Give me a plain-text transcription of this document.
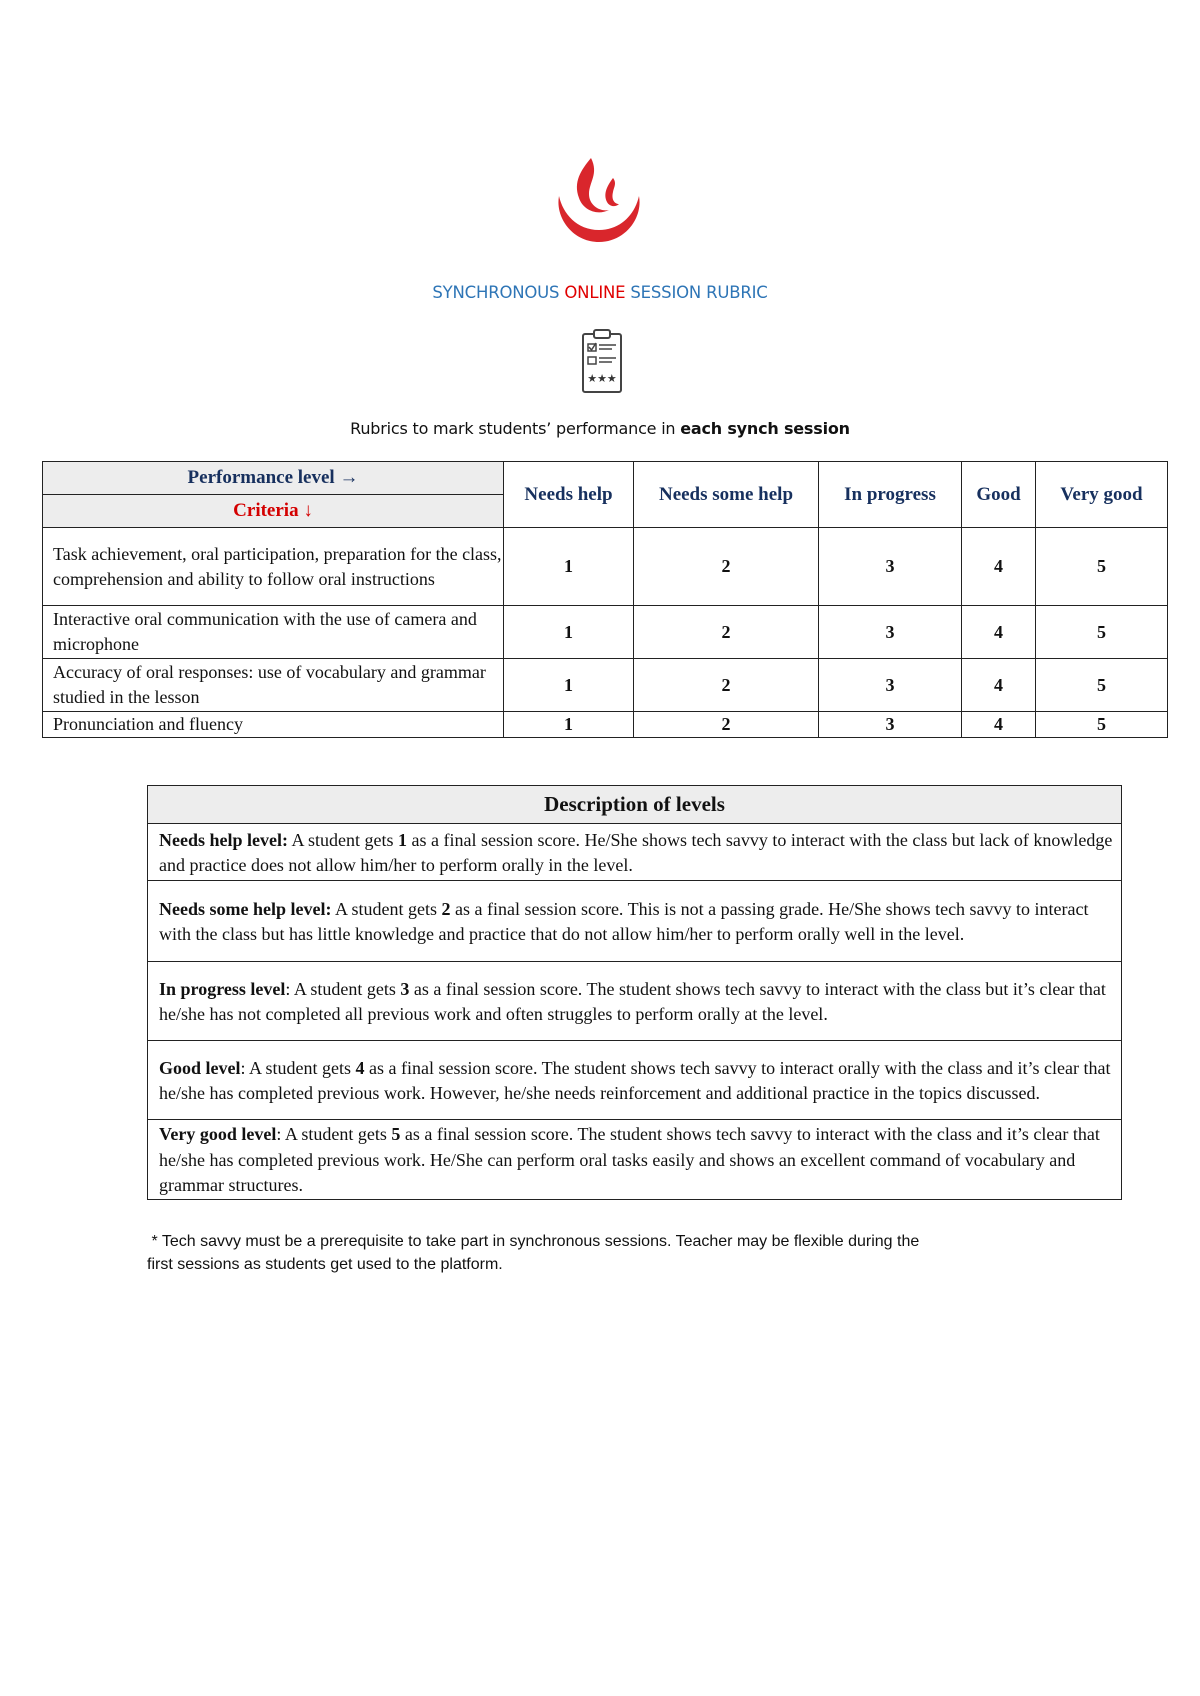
SYNCHRONOUS ONLINE SESSION RUBRIC
★★★
Rubrics to mark students’ performance in each synch session
Performance level →	Needs help	Needs some help	In progress	Good	Very good
Criteria ↓					
Task achievement, oral participation, preparation for the class, comprehension and ability to follow oral instructions	1	2	3	4	5
Interactive oral communication with the use of camera and microphone	1	2	3	4	5
Accuracy of oral responses: use of vocabulary and grammar studied in the lesson	1	2	3	4	5
Pronunciation and fluency	1	2	3	4	5
Description of levels
Needs help level: A student gets 1 as a final session score. He/She shows tech savvy to interact with the class but lack of knowledge and practice does not allow him/her to perform orally in the level.
Needs some help level: A student gets 2 as a final session score. This is not a passing grade. He/She shows tech savvy to interact with the class but has little knowledge and practice that do not allow him/her to perform orally well in the level.
In progress level: A student gets 3 as a final session score. The student shows tech savvy to interact with the class but it’s clear that he/she has not completed all previous work and often struggles to perform orally at the level.
Good level: A student gets 4 as a final session score. The student shows tech savvy to interact orally with the class and it’s clear that he/she has completed previous work. However, he/she needs reinforcement and additional practice in the topics discussed.
Very good level: A student gets 5 as a final session score. The student shows tech savvy to interact with the class and it’s clear that he/she has completed previous work. He/She can perform oral tasks easily and shows an excellent command of vocabulary and grammar structures.
* Tech savvy must be a prerequisite to take part in synchronous sessions. Teacher may be flexible during the
first sessions as students get used to the platform.
